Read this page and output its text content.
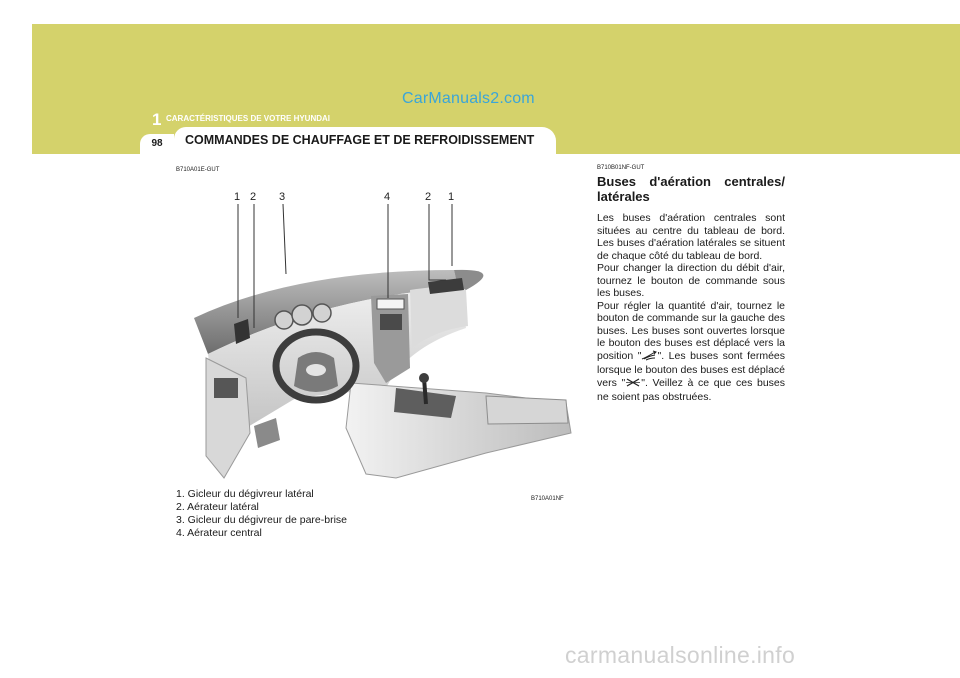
CarManuals2.com
1 CARACTÉRISTIQUES DE VOTRE HYUNDAI
98	COMMANDES DE CHAUFFAGE ET DE REFROIDISSEMENT
B710A01E-GUT
1 2 3	4	2 1
B710A01NF
1. Gicleur du dégivreur latéral
2. Aérateur latéral
3. Gicleur du dégivreur de pare-brise
4. Aérateur central
B710B01NF-GUT
Buses d'aération centrales/ latérales
Les buses d'aération centrales sont situées au centre du tableau de bord. Les buses d'aération latérales se situent de chaque côté du tableau de bord.
Pour changer la direction du débit d'air, tournez le bouton de commande sous les buses.
Pour régler la quantité d'air, tournez le bouton de commande sur la gauche des buses. Les buses sont ouvertes lorsque le bouton des buses est déplacé vers la position " ". Les buses sont fermées lorsque le bouton des buses est déplacé vers " ". Veillez à ce que ces buses ne soient pas obstruées.
carmanualsonline.info
